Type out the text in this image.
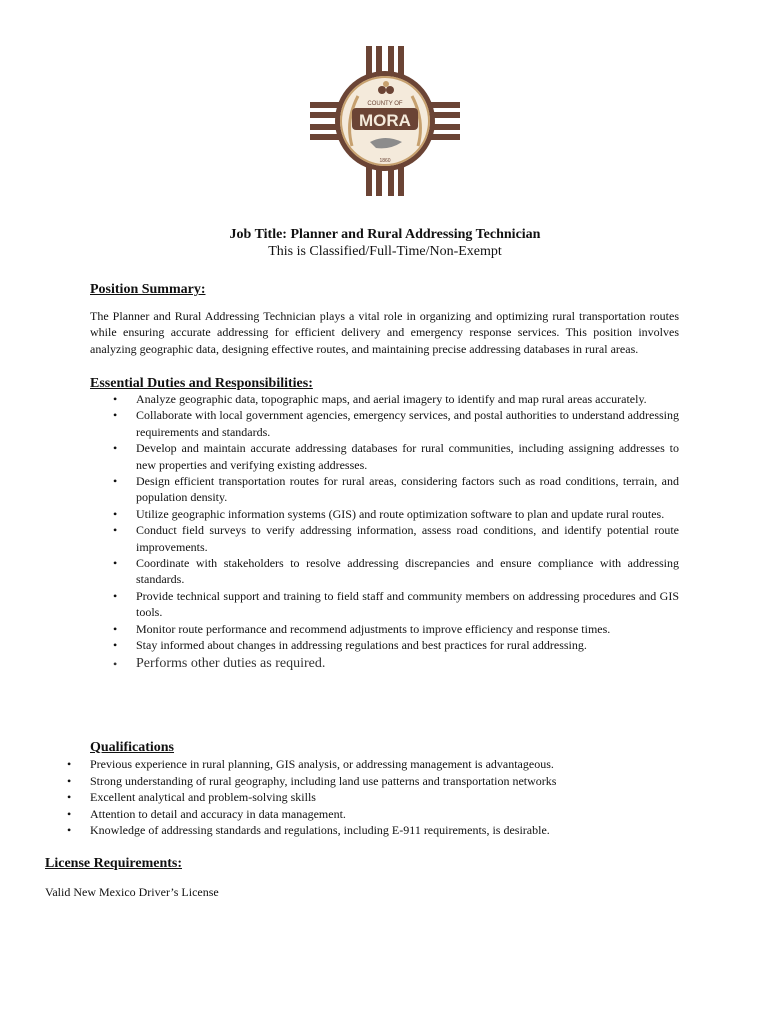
COUNTY OF
MORA
1860
Job Title: Planner and Rural Addressing Technician
This is Classified/Full-Time/Non-Exempt
Position Summary:

The Planner and Rural Addressing Technician plays a vital role in organizing and optimizing rural transportation routes while ensuring accurate addressing for efficient delivery and emergency response services. This position involves analyzing geographic data, designing effective routes, and maintaining precise addressing databases in rural areas.

Essential Duties and Responsibilities:
• Analyze geographic data, topographic maps, and aerial imagery to identify and map rural areas accurately.
• Collaborate with local government agencies, emergency services, and postal authorities to understand addressing requirements and standards.
• Develop and maintain accurate addressing databases for rural communities, including assigning addresses to new properties and verifying existing addresses.
• Design efficient transportation routes for rural areas, considering factors such as road conditions, terrain, and population density.
• Utilize geographic information systems (GIS) and route optimization software to plan and update rural routes.
• Conduct field surveys to verify addressing information, assess road conditions, and identify potential route improvements.
• Coordinate with stakeholders to resolve addressing discrepancies and ensure compliance with addressing standards.
• Provide technical support and training to field staff and community members on addressing procedures and GIS tools.
• Monitor route performance and recommend adjustments to improve efficiency and response times.
• Stay informed about changes in addressing regulations and best practices for rural addressing.
• Performs other duties as required.
Qualifications
• Previous experience in rural planning, GIS analysis, or addressing management is advantageous.
• Strong understanding of rural geography, including land use patterns and transportation networks
• Excellent analytical and problem-solving skills
• Attention to detail and accuracy in data management.
• Knowledge of addressing standards and regulations, including E-911 requirements, is desirable.
License Requirements:

Valid New Mexico Driver’s License
